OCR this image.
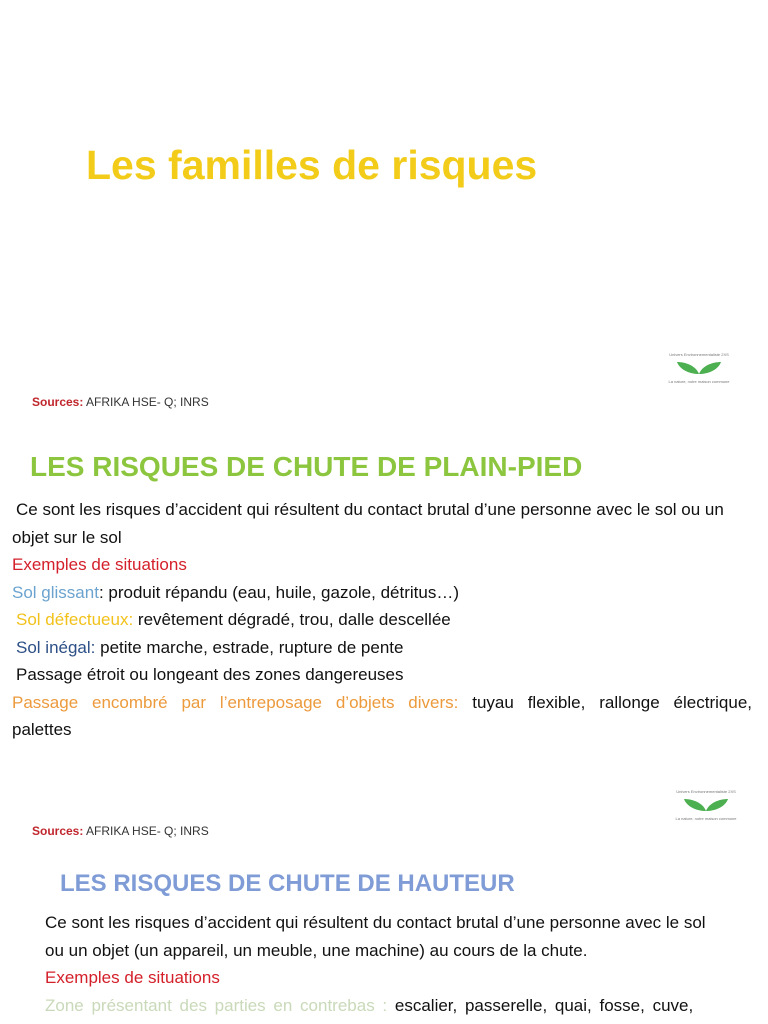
Les familles de risques
Univers Environnementaliste 2XS
La nature, notre maison commune
Sources: AFRIKA HSE- Q; INRS
LES RISQUES DE CHUTE DE PLAIN-PIED

Ce sont les risques d’accident qui résultent du contact brutal d’une personne avec le sol ou un objet sur le sol

Exemples de situations

Sol glissant: produit répandu (eau, huile, gazole, détritus…)

Sol défectueux: revêtement dégradé, trou, dalle descellée

Sol inégal: petite marche, estrade, rupture de pente

Passage étroit ou longeant des zones dangereuses

Passage encombré par l’entreposage d’objets divers: tuyau flexible, rallonge électrique, palettes

Univers Environnementaliste 2XS
La nature, notre maison commune
Sources: AFRIKA HSE- Q; INRS
LES RISQUES DE CHUTE DE HAUTEUR

Ce sont les risques d’accident qui résultent du contact brutal d’une personne avec le sol ou un objet (un appareil, un meuble, une machine) au cours de la chute.

Exemples de situations

Zone présentant des parties en contrebas : escalier, passerelle, quai, fosse, cuve,
